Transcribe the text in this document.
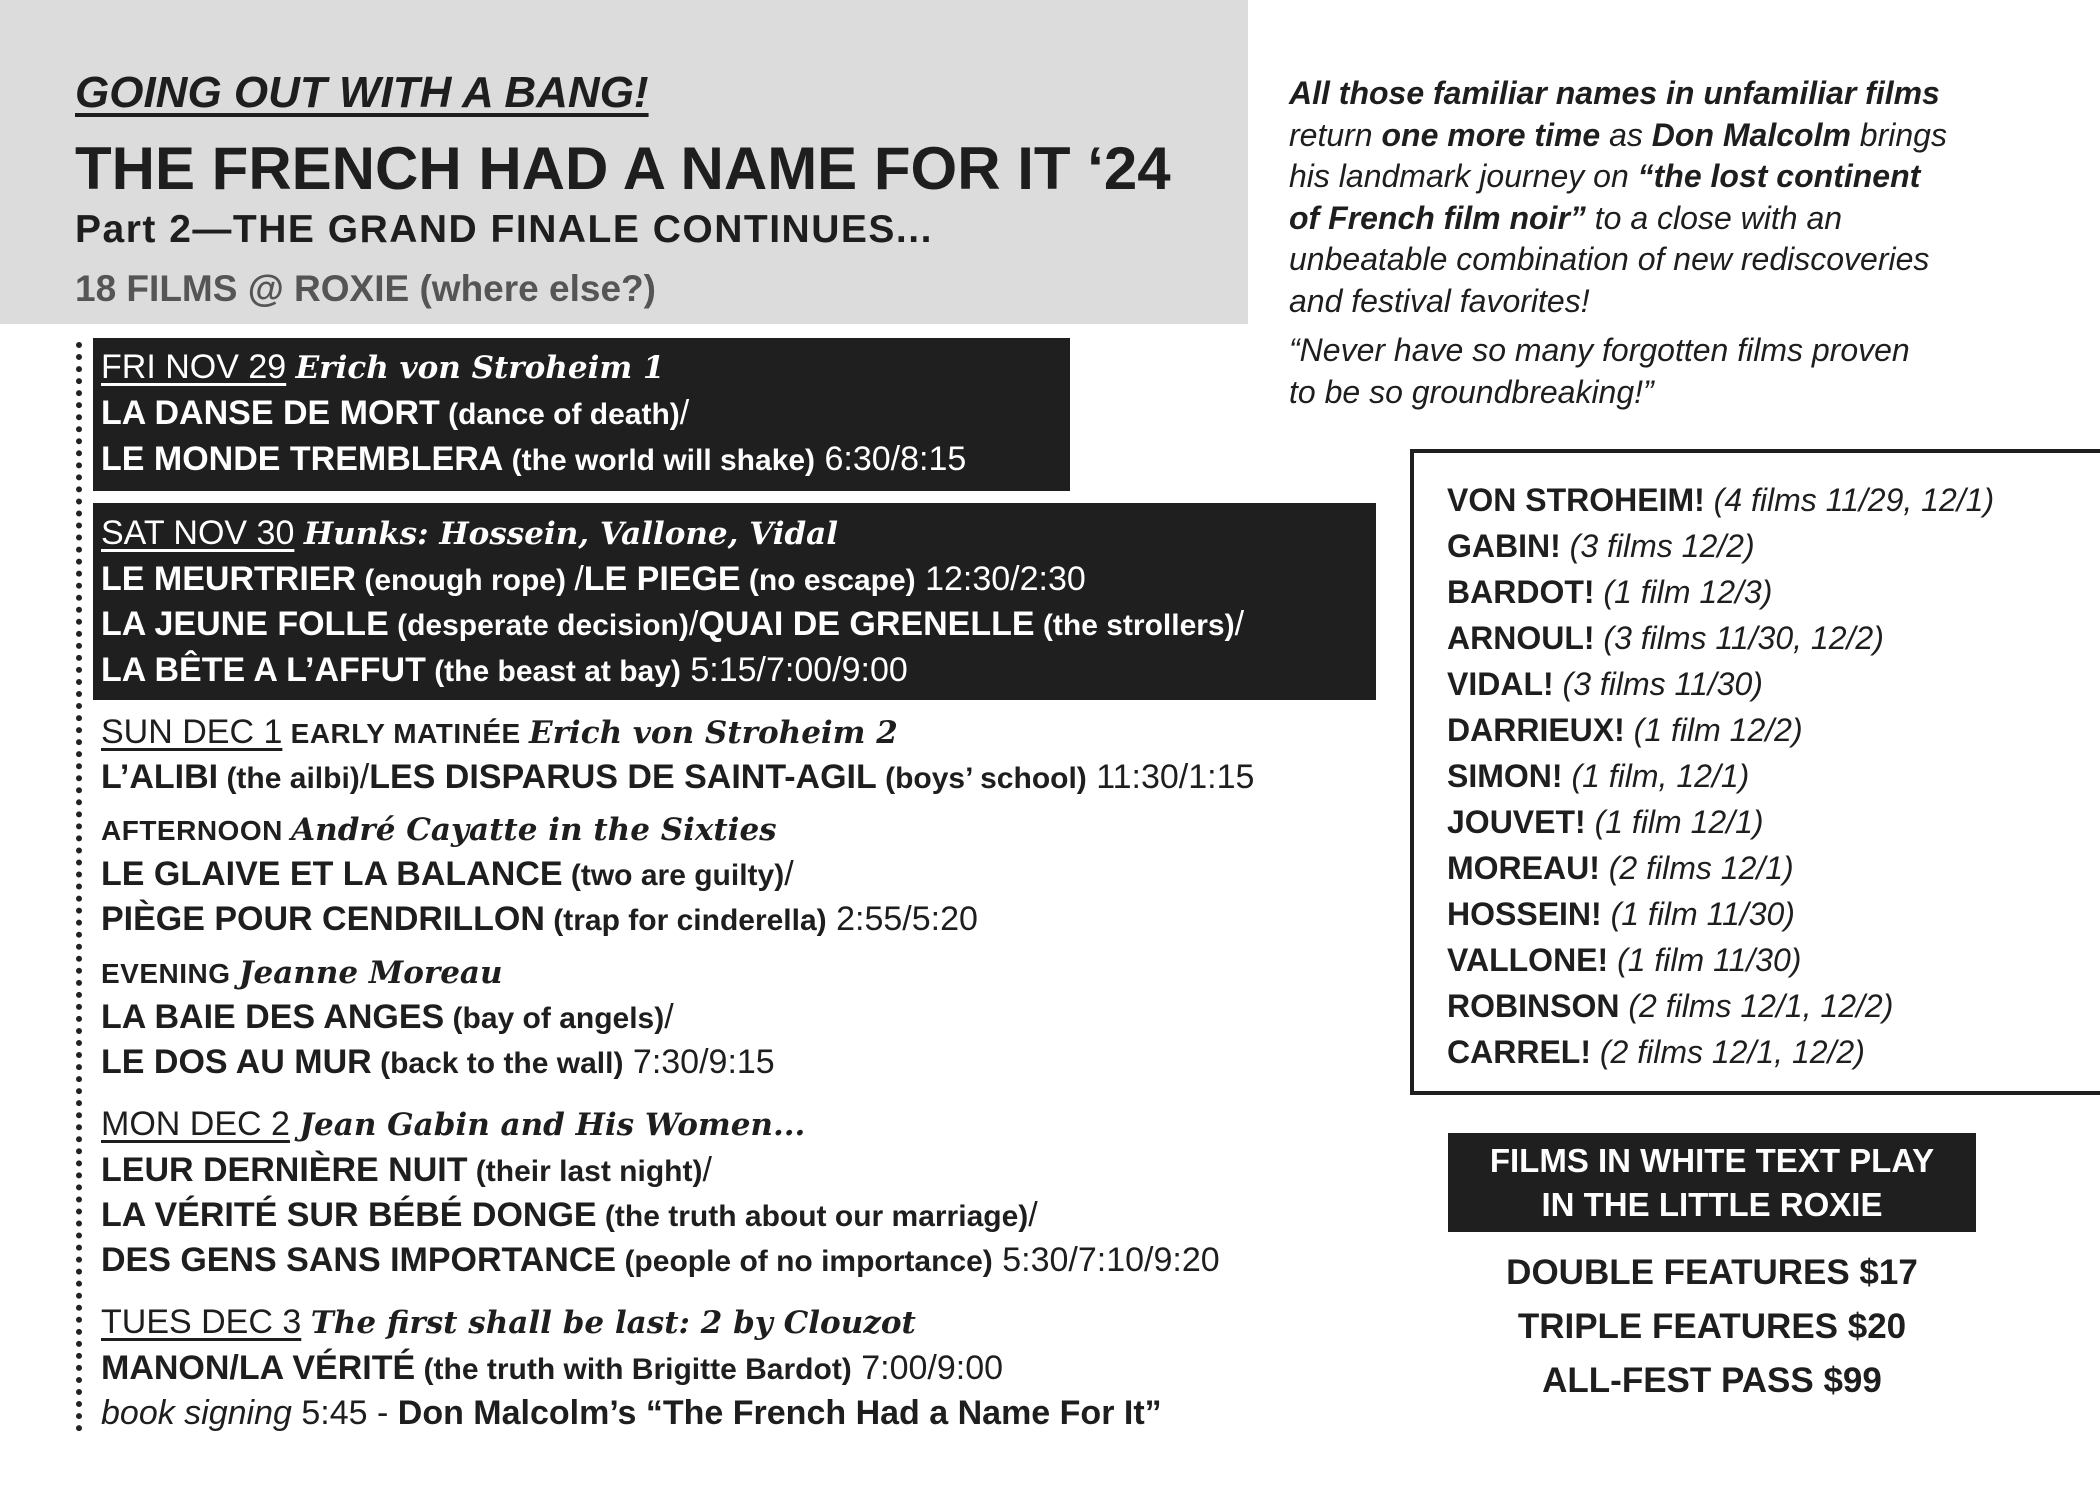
GOING OUT WITH A BANG!
THE FRENCH HAD A NAME FOR IT ‘24
Part 2—THE GRAND FINALE CONTINUES...
18 FILMS @ ROXIE (where else?)
All those familiar names in unfamiliar films
return one more time as Don Malcolm brings
his landmark journey on “the lost continent
of French film noir” to a close with an
unbeatable combination of new rediscoveries
and festival favorites!
“Never have so many forgotten films proven
to be so groundbreaking!”
FRI NOV 29 Erich von Stroheim 1
LA DANSE DE MORT (dance of death)/
LE MONDE TREMBLERA (the world will shake) 6:30/8:15
SAT NOV 30 Hunks: Hossein, Vallone, Vidal
LE MEURTRIER (enough rope) /LE PIEGE (no escape) 12:30/2:30
LA JEUNE FOLLE (desperate decision)/QUAI DE GRENELLE (the strollers)/
LA BÊTE A L’AFFUT (the beast at bay) 5:15/7:00/9:00
SUN DEC 1 EARLY MATINÉE Erich von Stroheim 2
L’ALIBI (the ailbi)/LES DISPARUS DE SAINT-AGIL (boys’ school) 11:30/1:15
AFTERNOON André Cayatte in the Sixties
LE GLAIVE ET LA BALANCE (two are guilty)/
PIÈGE POUR CENDRILLON (trap for cinderella) 2:55/5:20
EVENING Jeanne Moreau
LA BAIE DES ANGES (bay of angels)/
LE DOS AU MUR (back to the wall) 7:30/9:15
MON DEC 2 Jean Gabin and His Women...
LEUR DERNIÈRE NUIT (their last night)/
LA VÉRITÉ SUR BÉBÉ DONGE (the truth about our marriage)/
DES GENS SANS IMPORTANCE (people of no importance) 5:30/7:10/9:20
TUES DEC 3 The first shall be last: 2 by Clouzot
MANON/LA VÉRITÉ (the truth with Brigitte Bardot) 7:00/9:00
book signing 5:45 - Don Malcolm’s “The French Had a Name For It”
VON STROHEIM! (4 films 11/29, 12/1)
GABIN! (3 films 12/2)
BARDOT! (1 film 12/3)
ARNOUL! (3 films 11/30, 12/2)
VIDAL! (3 films 11/30)
DARRIEUX! (1 film 12/2)
SIMON! (1 film, 12/1)
JOUVET! (1 film 12/1)
MOREAU! (2 films 12/1)
HOSSEIN! (1 film 11/30)
VALLONE! (1 film 11/30)
ROBINSON (2 films 12/1, 12/2)
CARREL! (2 films 12/1, 12/2)
FILMS IN WHITE TEXT PLAY
IN THE LITTLE ROXIE
DOUBLE FEATURES $17
TRIPLE FEATURES $20
ALL-FEST PASS $99
